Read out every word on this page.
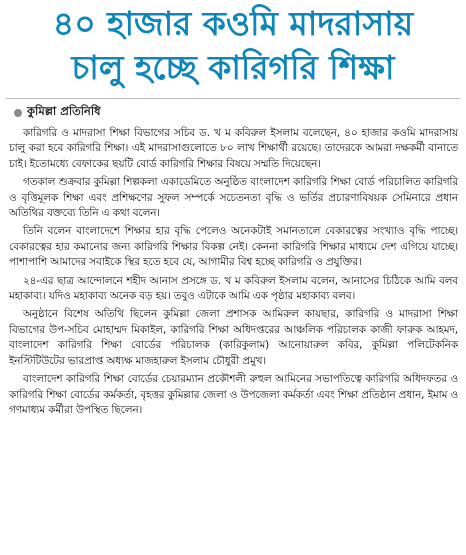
৪০ হাজার কওমি মাদরাসায়
চালু হচ্ছে কারিগরি শিক্ষা
কুমিল্লা প্রতিনিধি

কারিগরি ও মাদরাসা শিক্ষা বিভাগের সচিব ড. খ ম কবিরুল ইসলাম বলেছেন, ৪০ হাজার কওমি মাদরাসায় চালু করা হবে কারিগরি শিক্ষা। এই মাদরাসাগুলোতে ৮০ লাখ শিক্ষার্থী রয়েছে। তাদেরকে আমরা দক্ষকর্মী বানাতে চাই। ইতোমধ্যে বেফাকের ছয়টি বোর্ড কারিগরি শিক্ষার বিষয়ে সম্মতি দিয়েছেন।

গতকাল শুক্রবার কুমিল্লা শিল্পকলা একাডেমিতে অনুষ্ঠিত বাংলাদেশ কারিগরি শিক্ষা বোর্ড পরিচালিত কারিগরি ও বৃত্তিমূলক শিক্ষা এবং প্রশিক্ষণের সুফল সম্পর্কে সচেতনতা বৃদ্ধি ও ভর্তির প্রচারণাবিষয়ক সেমিনারে প্রধান অতিথির বক্তব্যে তিনি এ কথা বলেন।

তিনি বলেন বাংলাদেশে শিক্ষার হার বৃদ্ধি পেলেও অনেকটাই সমানতালে বেকারত্বের সংখ্যাও বৃদ্ধি পাচ্ছে। বেকারত্বের হার কমানোর জন্য কারিগরি শিক্ষার বিকল্প নেই। কেননা কারিগরি শিক্ষার মাধ্যমে দেশ এগিয়ে যাচ্ছে। পাশাপাশি আমাদের সবাইকে স্থির হতে হবে যে, আগামীর বিশ্ব হচ্ছে কারিগরি ও প্রযুক্তির।

২৪-এর ছাত্র আন্দোলনে শহীদ আনাস প্রসঙ্গে ড. খ ম কবিরুল ইসলাম বলেন, আনাসের চিঠিকে আমি বলব মহাকাব্য। যদিও মহাকাব্য অনেক বড় হয়। তবুও এটাকে আমি এক পৃষ্ঠার মহাকাব্য বলব।

অনুষ্ঠানে বিশেষ অতিথি ছিলেন কুমিল্লা জেলা প্রশাসক আমিরুল কায়ছার, কারিগরি ও মাদরাসা শিক্ষা বিভাগের উপ-সচিব মোহাম্মদ মিকাইল, কারিগরি শিক্ষা অধিদপ্তরের আঞ্চলিক পরিচালক কাজী ফারুক আহমদ, বাংলাদেশ কারিগরি শিক্ষা বোর্ডের পরিচালক (কারিকুলাম) আনোয়ারুল কবির, কুমিল্লা পলিটেকনিক ইনস্টিটিউটের ভারপ্রাপ্ত অধ্যক্ষ মাজহারুল ইসলাম চৌধুরী প্রমুখ।

বাংলাদেশ কারিগরি শিক্ষা বোর্ডের চেয়ারম্যান প্রকৌশলী রুহুল আমিনের সভাপতিত্বে কারিগরি অধিদফতর ও কারিগরি শিক্ষা বোর্ডের কর্মকর্তা, বৃহত্তর কুমিল্লার জেলা ও উপজেলা কর্মকর্তা এবং শিক্ষা প্রতিষ্ঠান প্রধান, ইমাম ও গণমাধ্যম কর্মীরা উপস্থিত ছিলেন।
